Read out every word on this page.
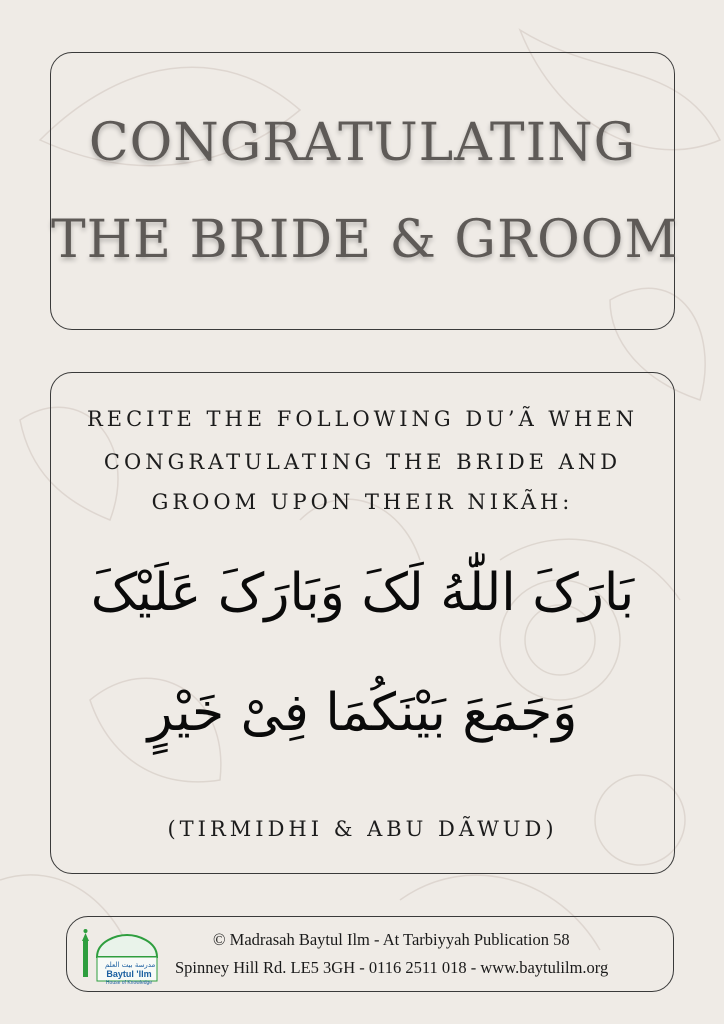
CONGRATULATING
THE BRIDE & GROOM
RECITE THE FOLLOWING DU’Ã WHEN
CONGRATULATING THE BRIDE AND
GROOM UPON THEIR NIKÃH:
بَارَکَ اللّٰهُ لَکَ وَبَارَکَ عَلَیْکَ
وَجَمَعَ بَیْنَکُمَا فِیْ خَیْرٍ
(TIRMIDHI & ABU DÃWUD)
مدرسة بيت العلم
Baytul 'Ilm
House of Knowledge
© Madrasah Baytul Ilm - At Tarbiyyah Publication 58
Spinney Hill Rd. LE5 3GH - 0116 2511 018 - www.baytulilm.org
